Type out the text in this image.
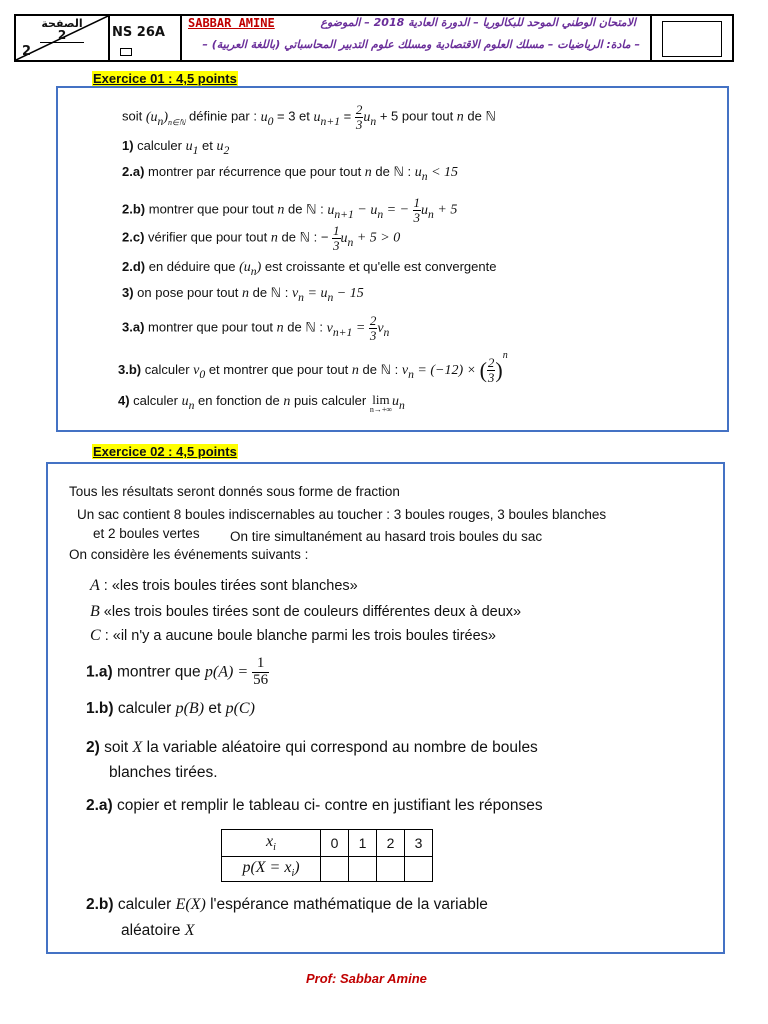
الصفحة
2
2
NS 26A
SABBAR AMINE	الامتحان الوطني الموحد للبكالوريا – الدورة العادية 2018 – الموضوع
– مادة: الرياضيات – مسلك العلوم الاقتصادية ومسلك علوم التدبير المحاسباتي (باللغة العربية) –
Exercice 01 : 4,5 points
soit $(u_n)_{n\in ℕ}$ définie par : $u_0 = 3$ et $u_{n+1} = \frac{2}{3} u_n + 5$ pour tout n de ℕ
1) calculer $u_1$ et $u_2$
2.a) montrer par récurrence que pour tout n de ℕ : $u_n < 15$
2.b) montrer que pour tout n de ℕ : $u_{n+1} - u_n$ = − $\frac{1}{3} u_n + 5$
2.c) vérifier que pour tout n de ℕ : − $\frac{1}{3} u_n + 5 > 0$
2.d) en déduire que $(u_n)$ est croissante et qu'elle est convergente
3) on pose pour tout n de ℕ : $v_n = u_n - 15$
3.a) montrer que pour tout n de ℕ : $v_{n+1} = \frac{2}{3} v_n$
3.b) calculer $v_0$ et montrer que pour tout n de ℕ : $v_n = (-12)$ × ( $\frac{2}{3} )^n$
4) calculer $u_n$ en fonction de n puis calculer lim
n→+∞
$u_n$
Exercice 02 : 4,5 points
Tous les résultats seront donnés sous forme de fraction
Un sac contient 8 boules indiscernables au toucher : 3 boules rouges, 3 boules blanches
et 2 boules vertes On tire simultanément au hasard trois boules du sac
On considère les événements suivants :
A : «les trois boules tirées sont blanches»
B «les trois boules tirées sont de couleurs différentes deux à deux»
C : «il n'y a aucune boule blanche parmi les trois boules tirées»
1.a) montrer que $p(A) = \frac{1}{56}$
1.b) calculer p(B) et p(C)
2) soit X la variable aléatoire qui correspond au nombre de boules
blanches tirées.
2.a) copier et remplir le tableau ci- contre en justifiant les réponses
$x_i$	0	1	2	3
$p(X = x_i)$				
2.b) calculer E(X) l'espérance mathématique de la variable
aléatoire X
Prof: Sabbar Amine
